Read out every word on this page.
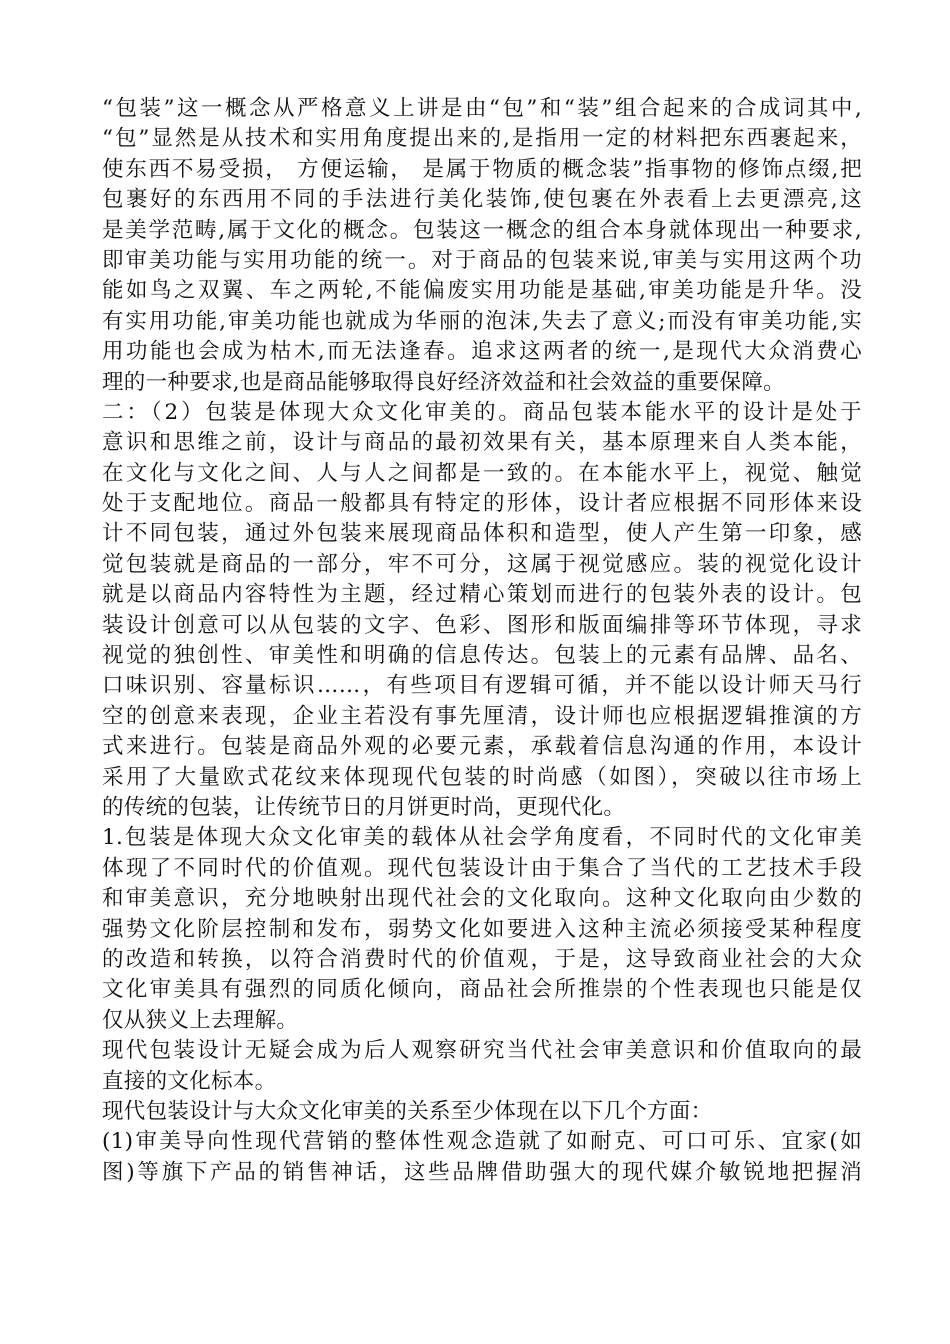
“包装”这一概念从严格意义上讲是由“包”和“装”组合起来的合成词其中,
“包”显然是从技术和实用角度提出来的,是指用一定的材料把东西裹起来，
使东西不易受损， 方便运输， 是属于物质的概念装”指事物的修饰点缀,把
包裹好的东西用不同的手法进行美化装饰,使包裹在外表看上去更漂亮,这
是美学范畴,属于文化的概念。包装这一概念的组合本身就体现出一种要求,
即审美功能与实用功能的统一。对于商品的包装来说,审美与实用这两个功
能如鸟之双翼、车之两轮,不能偏废实用功能是基础,审美功能是升华。没
有实用功能,审美功能也就成为华丽的泡沫,失去了意义;而没有审美功能,实
用功能也会成为枯木,而无法逢春。追求这两者的统一,是现代大众消费心
理的一种要求,也是商品能够取得良好经济效益和社会效益的重要保障。
二：（2）包装是体现大众文化审美的。商品包装本能水平的设计是处于
意识和思维之前，设计与商品的最初效果有关，基本原理来自人类本能，
在文化与文化之间、人与人之间都是一致的。在本能水平上，视觉、触觉
处于支配地位。商品一般都具有特定的形体，设计者应根据不同形体来设
计不同包装，通过外包装来展现商品体积和造型，使人产生第一印象，感
觉包装就是商品的一部分，牢不可分，这属于视觉感应。装的视觉化设计
就是以商品内容特性为主题，经过精心策划而进行的包装外表的设计。包
装设计创意可以从包装的文字、色彩、图形和版面编排等环节体现，寻求
视觉的独创性、审美性和明确的信息传达。包装上的元素有品牌、品名、
口味识别、容量标识……，有些项目有逻辑可循，并不能以设计师天马行
空的创意来表现，企业主若没有事先厘清，设计师也应根据逻辑推演的方
式来进行。包装是商品外观的必要元素，承载着信息沟通的作用，本设计
采用了大量欧式花纹来体现现代包装的时尚感（如图），突破以往市场上
的传统的包装，让传统节日的月饼更时尚，更现代化。
1.包装是体现大众文化审美的载体从社会学角度看，不同时代的文化审美
体现了不同时代的价值观。现代包装设计由于集合了当代的工艺技术手段
和审美意识，充分地映射出现代社会的文化取向。这种文化取向由少数的
强势文化阶层控制和发布，弱势文化如要进入这种主流必须接受某种程度
的改造和转换，以符合消费时代的价值观，于是，这导致商业社会的大众
文化审美具有强烈的同质化倾向，商品社会所推崇的个性表现也只能是仅
仅从狭义上去理解。
现代包装设计无疑会成为后人观察研究当代社会审美意识和价值取向的最
直接的文化标本。
现代包装设计与大众文化审美的关系至少体现在以下几个方面：
(1)审美导向性现代营销的整体性观念造就了如耐克、可口可乐、宜家(如
图)等旗下产品的销售神话，这些品牌借助强大的现代媒介敏锐地把握消
